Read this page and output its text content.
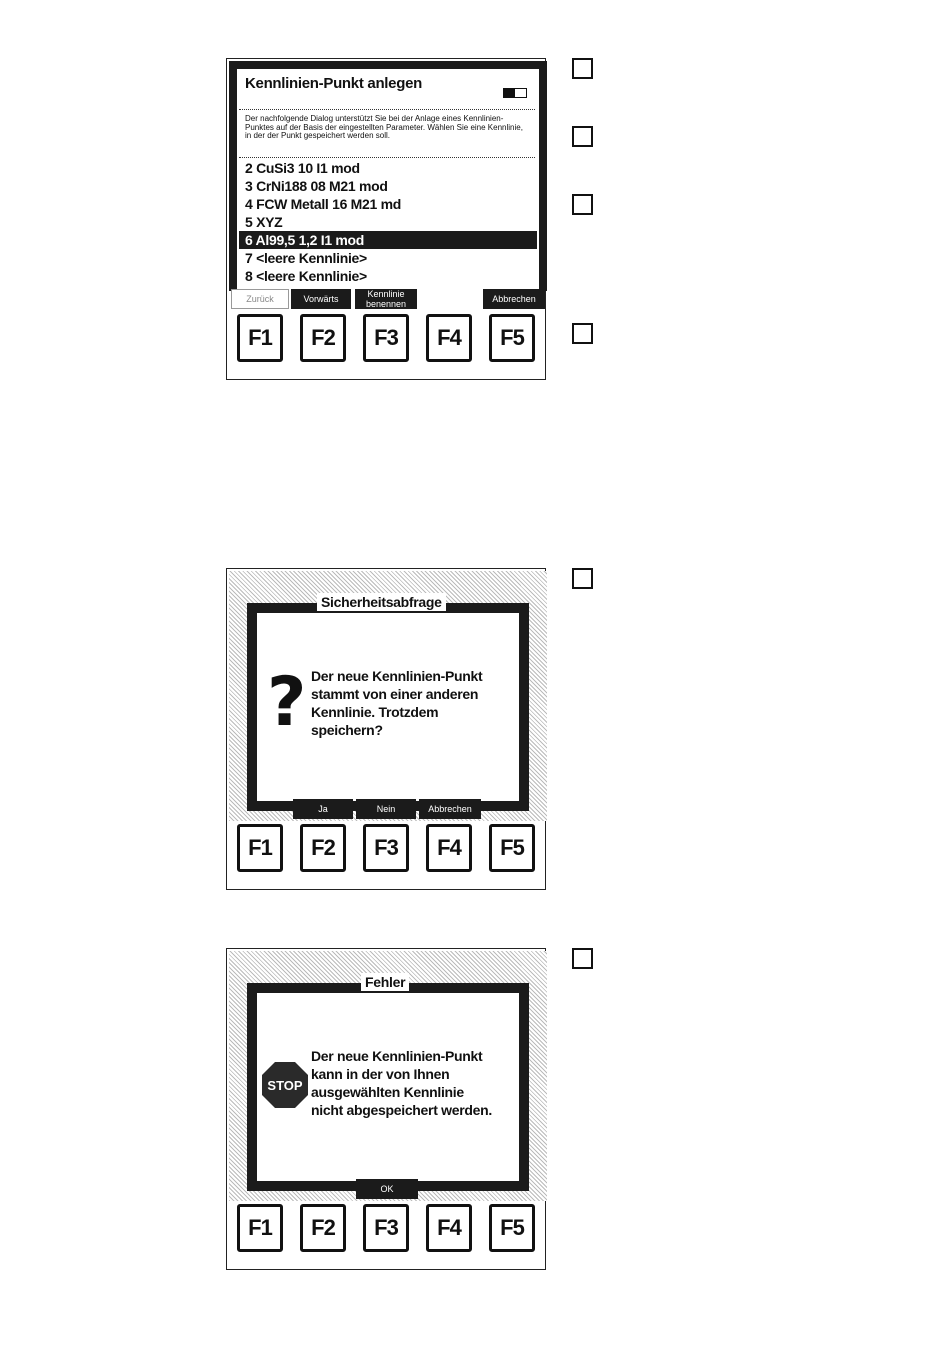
Kennlinien-Punkt anlegen
Der nachfolgende Dialog unterstützt Sie bei der Anlage eines Kennlinien-Punktes auf der Basis der eingestellten Parameter. Wählen Sie eine Kennlinie, in der der Punkt gespeichert werden soll.
2 CuSi3 10 I1 mod
3 CrNi188 08 M21 mod
4 FCW Metall 16 M21 md
5 XYZ
6 Al99,5 1,2 I1 mod
7 <leere Kennlinie>
8 <leere Kennlinie>
Zurück	Vorwärts	Kennlinie
benennen	Abbrechen
F1	F2	F3	F4	F5
Sicherheitsabfrage
? Der neue Kennlinien-Punkt
stammt von einer anderen
Kennlinie. Trotzdem
speichern?
Ja	Nein	Abbrechen
F1	F2	F3	F4	F5
Fehler
STOP
Der neue Kennlinien-Punkt
kann in der von Ihnen
ausgewählten Kennlinie
nicht abgespeichert werden.
OK
F1	F2	F3	F4	F5
